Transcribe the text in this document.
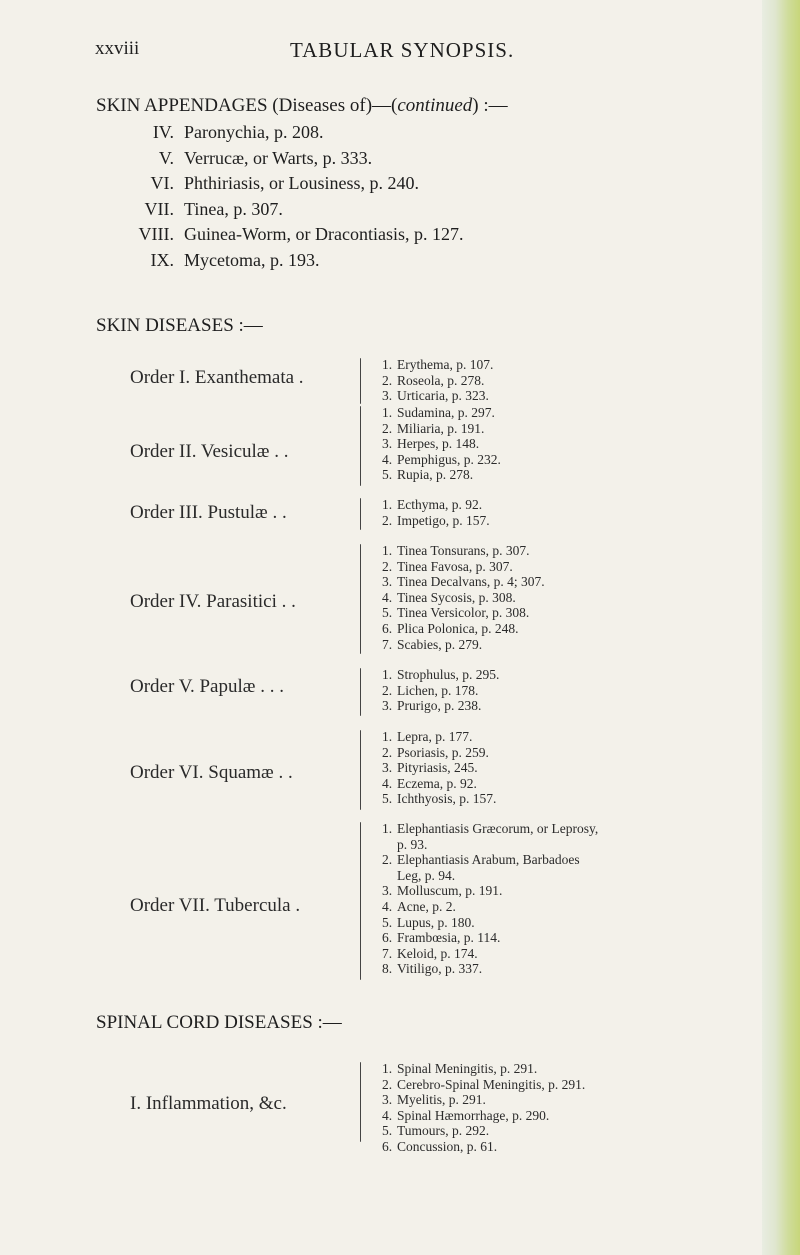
xxviii	TABULAR SYNOPSIS.
SKIN APPENDAGES (Diseases of)—(continued) :—
IV. Paronychia, p. 208.
V. Verrucæ, or Warts, p. 333.
VI. Phthiriasis, or Lousiness, p. 240.
VII. Tinea, p. 307.
VIII. Guinea-Worm, or Dracontiasis, p. 127.
IX. Mycetoma, p. 193.
SKIN DISEASES :—
Order I. Exanthemata .
1. Erythema, p. 107.
2. Roseola, p. 278.
3. Urticaria, p. 323.
Order II. Vesiculæ . .
1. Sudamina, p. 297.
2. Miliaria, p. 191.
3. Herpes, p. 148.
4. Pemphigus, p. 232.
5. Rupia, p. 278.
Order III. Pustulæ . .	1. Ecthyma, p. 92.
2. Impetigo, p. 157.
Order IV. Parasitici . .
1. Tinea Tonsurans, p. 307.
2. Tinea Favosa, p. 307.
3. Tinea Decalvans, p. 4; 307.
4. Tinea Sycosis, p. 308.
5. Tinea Versicolor, p. 308.
6. Plica Polonica, p. 248.
7. Scabies, p. 279.
Order V. Papulæ . . .
1. Strophulus, p. 295.
2. Lichen, p. 178.
3. Prurigo, p. 238.
Order VI. Squamæ . .
1. Lepra, p. 177.
2. Psoriasis, p. 259.
3. Pityriasis, 245.
4. Eczema, p. 92.
5. Ichthyosis, p. 157.
Order VII. Tubercula .
1. Elephantiasis Græcorum, or Leprosy,
p. 93.
2. Elephantiasis Arabum, Barbadoes
Leg, p. 94.
3. Molluscum, p. 191.
4. Acne, p. 2.
5. Lupus, p. 180.
6. Frambœsia, p. 114.
7. Keloid, p. 174.
8. Vitiligo, p. 337.
SPINAL CORD DISEASES :—
I. Inflammation, &c.
1. Spinal Meningitis, p. 291.
2. Cerebro-Spinal Meningitis, p. 291.
3. Myelitis, p. 291.
4. Spinal Hæmorrhage, p. 290.
5. Tumours, p. 292.
6. Concussion, p. 61.
